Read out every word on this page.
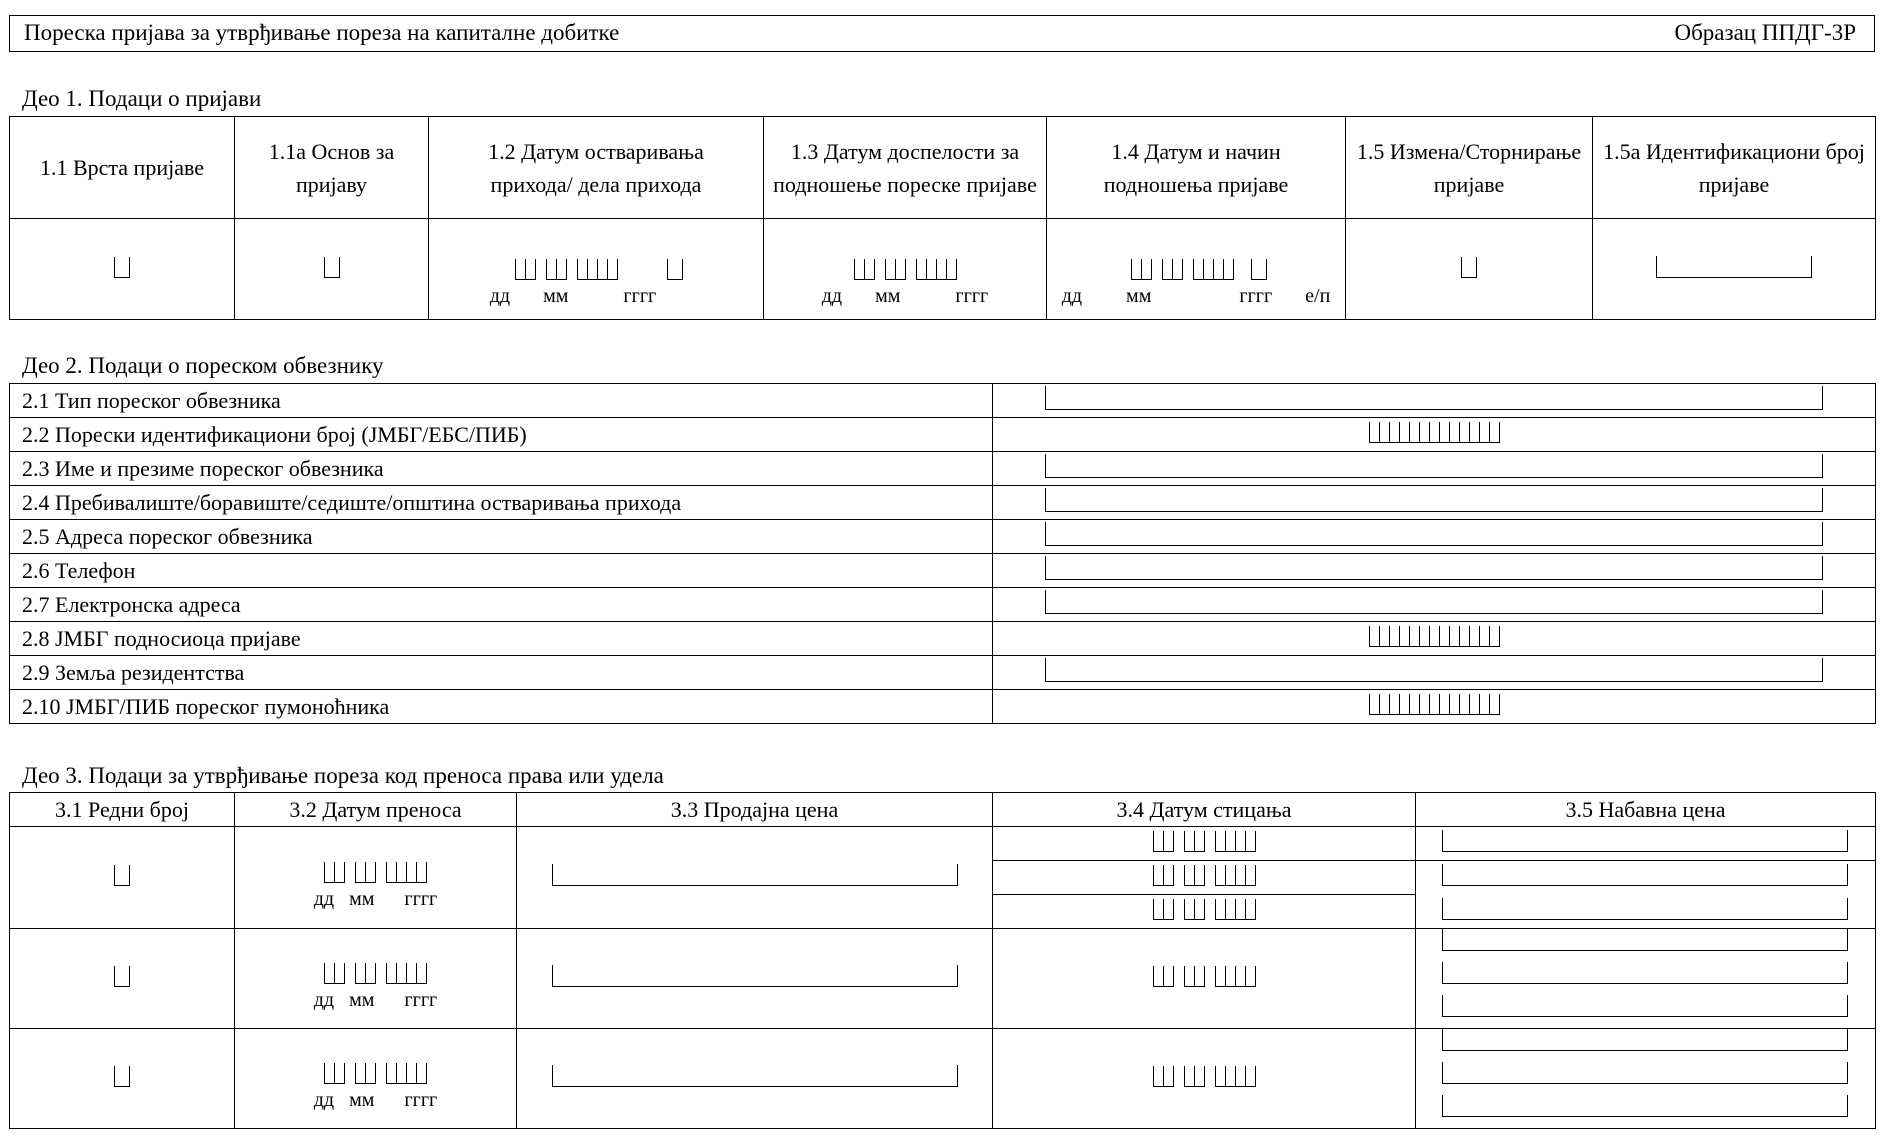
Пореска пријава за утврђивање пореза на капиталне добитке	Образац ППДГ-3Р
Део 1. Подаци о пријави
1.1 Врста пријаве	1.1а Основ за пријаву	1.2 Датум остваривања прихода/ дела прихода	1.3 Датум доспелости за подношење пореске пријаве	1.4 Датум и начин подношења пријаве	1.5 Измена/Сторнирање пријаве	1.5а Идентификациони број пријаве

		дд мм гггг	дд мм гггг	дд мм гггг е/п		

Део 2. Подаци о пореском обвезнику
2.1 Тип пореског обвезника	
2.2 Порески идентификациони број (ЈМБГ/ЕБС/ПИБ)	

2.3 Име и презиме пореског обвезника	
2.4 Пребивалиште/боравиште/седиште/општина остваривања прихода	
2.5 Адреса пореског обвезника	
2.6 Телефон	
2.7 Електронска адреса	
2.8 ЈМБГ подносиоца пријаве	

2.9 Земља резидентства	
2.10 ЈМБГ/ПИБ пореског пумоноћника	
Део 3. Подаци за утврђивање пореза код преноса права или удела
3.1 Редни број	3.2 Датум преноса	3.3 Продајна цена	3.4 Датум стицања	3.5 Набавна цена

	дд мм гггг			

	дд мм гггг			

	дд мм гггг			
